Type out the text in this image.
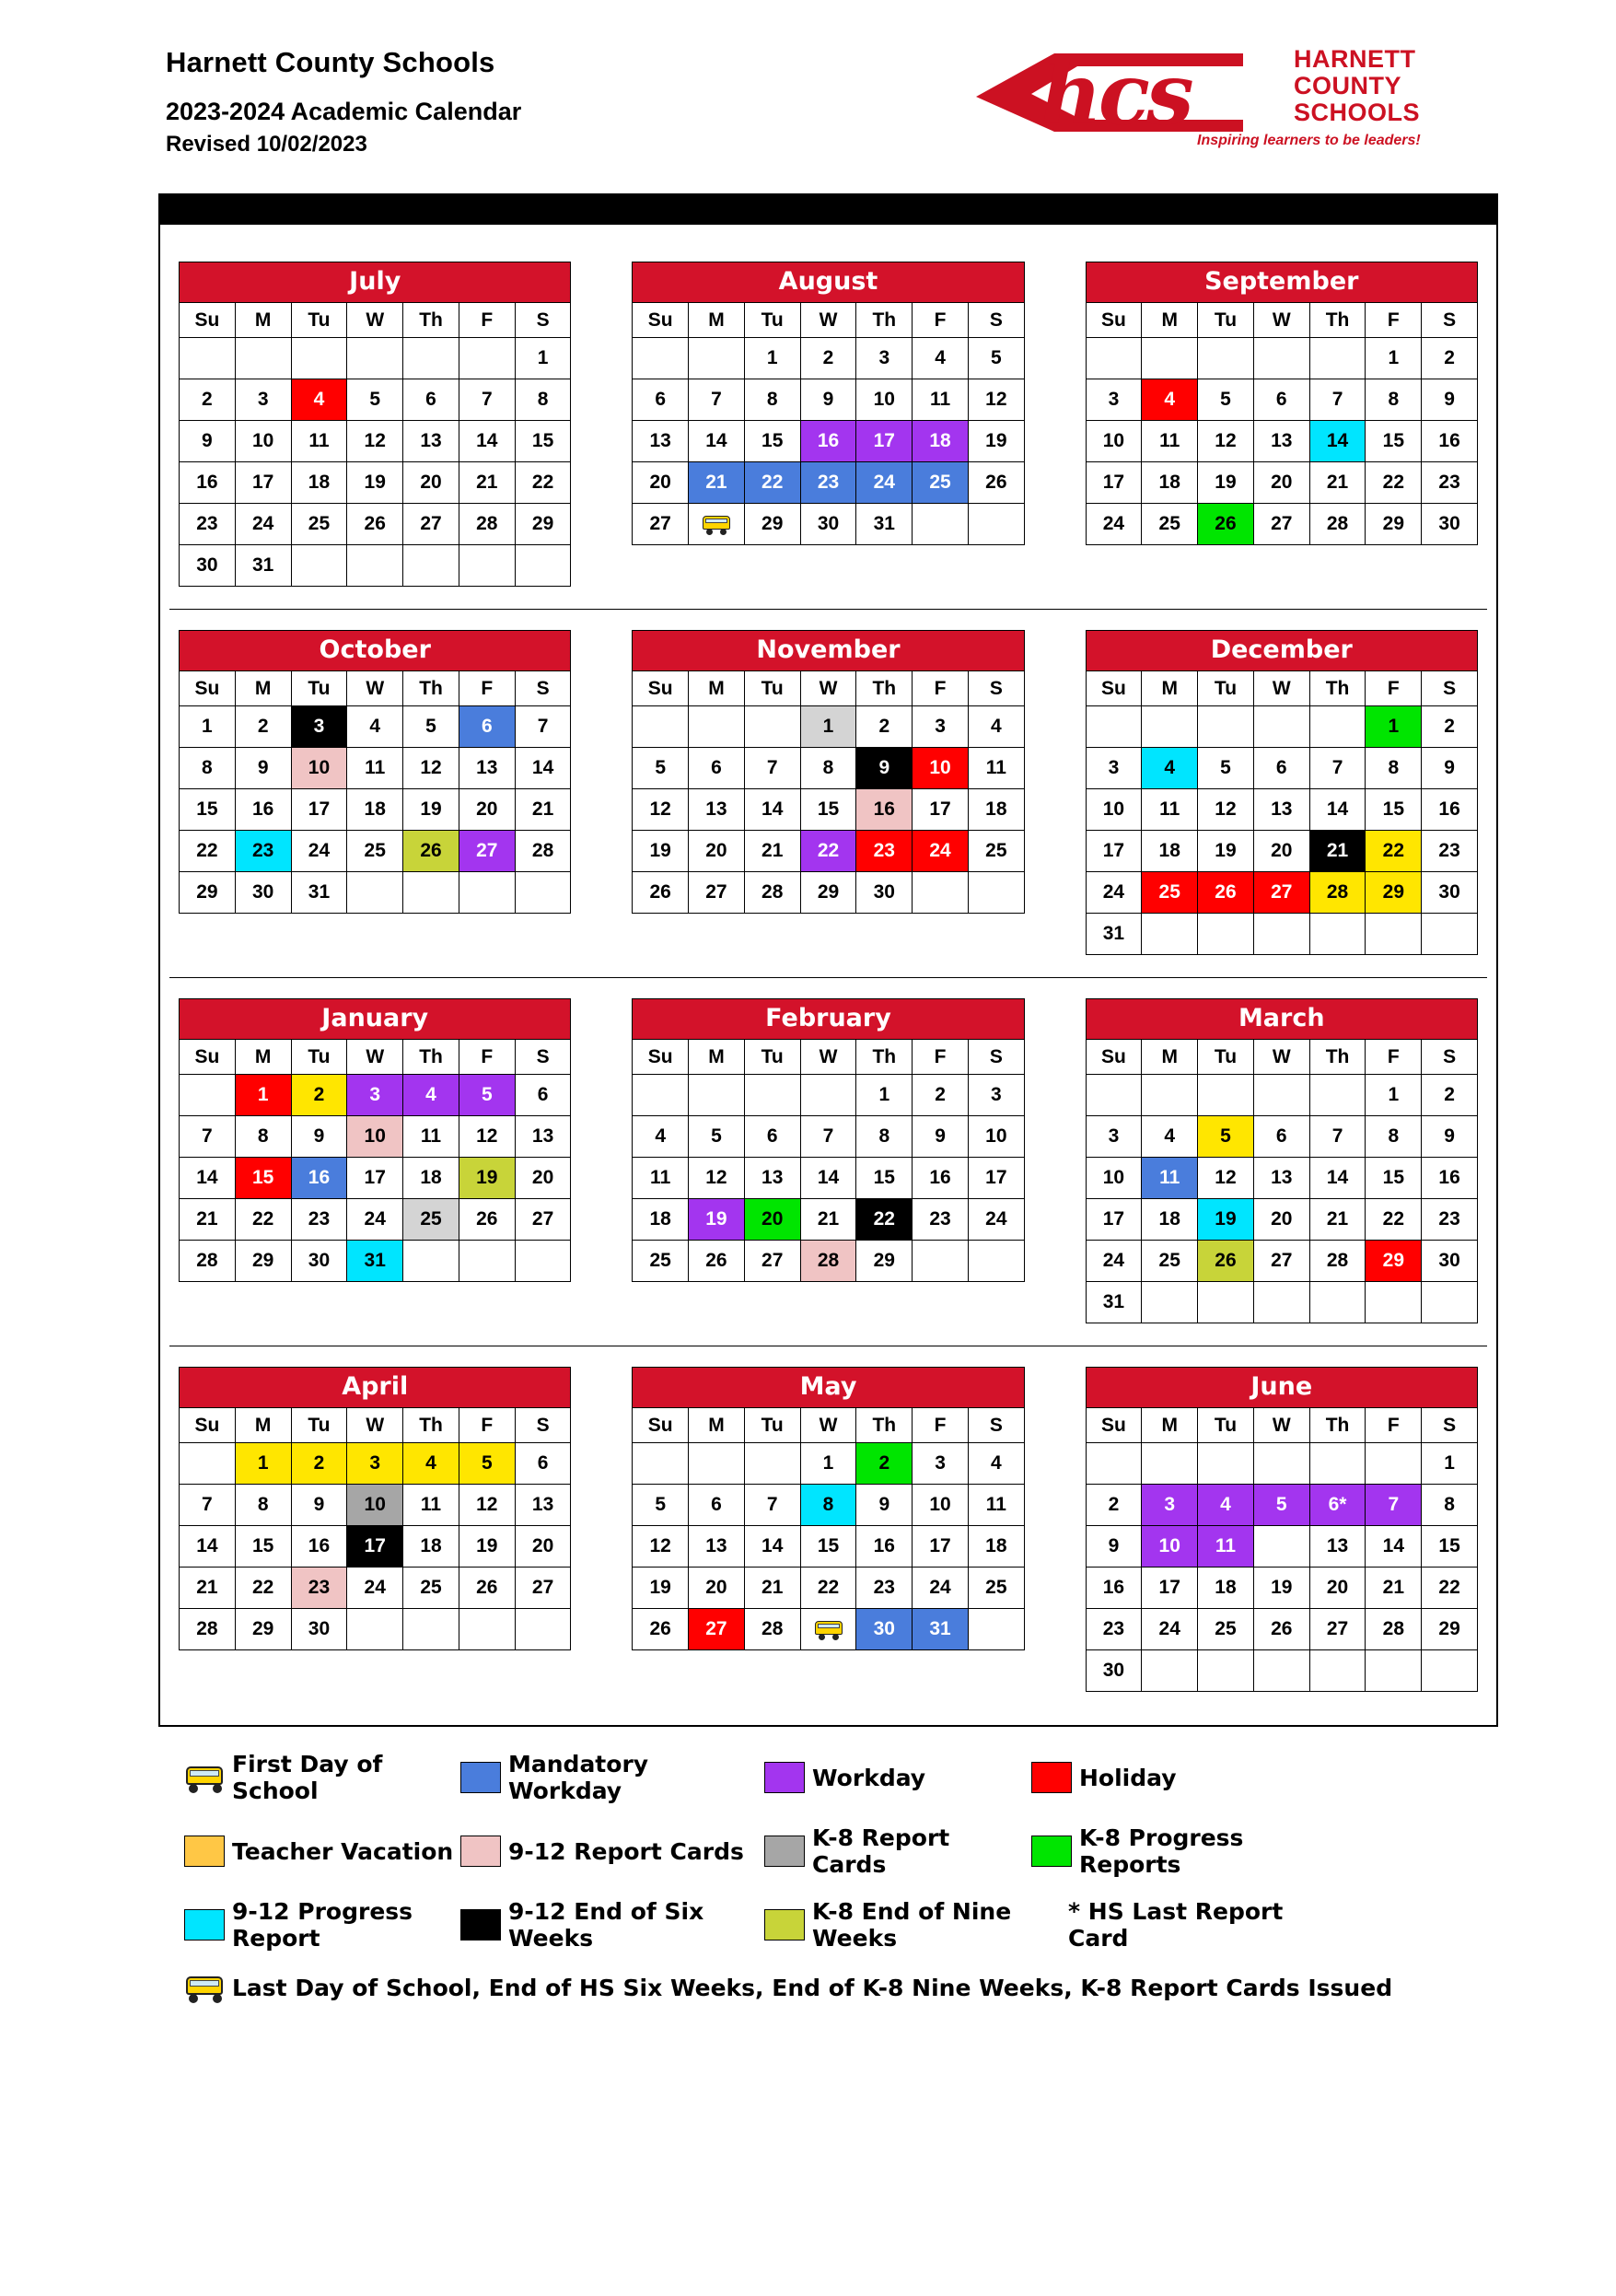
Harnett County Schools
2023-2024 Academic Calendar
Revised 10/02/2023
hcs	HARNETT
COUNTY
SCHOOLS
Inspiring learners to be leaders!
July
Su	M	Tu	W	Th	F	S
						1
2	3	4	5	6	7	8
9	10	11	12	13	14	15
16	17	18	19	20	21	22
23	24	25	26	27	28	29
30	31					
August
Su	M	Tu	W	Th	F	S
		1	2	3	4	5
6	7	8	9	10	11	12
13	14	15	16	17	18	19
20	21	22	23	24	25	26
27		29	30	31		
September
Su	M	Tu	W	Th	F	S
					1	2
3	4	5	6	7	8	9
10	11	12	13	14	15	16
17	18	19	20	21	22	23
24	25	26	27	28	29	30
October
Su	M	Tu	W	Th	F	S
1	2	3	4	5	6	7
8	9	10	11	12	13	14
15	16	17	18	19	20	21
22	23	24	25	26	27	28
29	30	31				
November
Su	M	Tu	W	Th	F	S
			1	2	3	4
5	6	7	8	9	10	11
12	13	14	15	16	17	18
19	20	21	22	23	24	25
26	27	28	29	30		
December
Su	M	Tu	W	Th	F	S
					1	2
3	4	5	6	7	8	9
10	11	12	13	14	15	16
17	18	19	20	21	22	23
24	25	26	27	28	29	30
31						
January
Su	M	Tu	W	Th	F	S
	1	2	3	4	5	6
7	8	9	10	11	12	13
14	15	16	17	18	19	20
21	22	23	24	25	26	27
28	29	30	31			
February
Su	M	Tu	W	Th	F	S
				1	2	3
4	5	6	7	8	9	10
11	12	13	14	15	16	17
18	19	20	21	22	23	24
25	26	27	28	29		
March
Su	M	Tu	W	Th	F	S
					1	2
3	4	5	6	7	8	9
10	11	12	13	14	15	16
17	18	19	20	21	22	23
24	25	26	27	28	29	30
31						
April
Su	M	Tu	W	Th	F	S
	1	2	3	4	5	6
7	8	9	10	11	12	13
14	15	16	17	18	19	20
21	22	23	24	25	26	27
28	29	30				
May
Su	M	Tu	W	Th	F	S
			1	2	3	4
5	6	7	8	9	10	11
12	13	14	15	16	17	18
19	20	21	22	23	24	25
26	27	28		30	31	
June
Su	M	Tu	W	Th	F	S
						1
2	3	4	5	6*	7	8
9	10	11		13	14	15
16	17	18	19	20	21	22
23	24	25	26	27	28	29
30						
First Day of School
Mandatory Workday	Workday	Holiday
Teacher Vacation 9-12 Report Cards	K-8 Report Cards
K-8 Progress Reports
9-12 Progress Report
9-12 End of Six Weeks
K-8 End of Nine Weeks
* HS Last Report Card
Last Day of School, End of HS Six Weeks, End of K-8 Nine Weeks, K-8 Report Cards Issued
